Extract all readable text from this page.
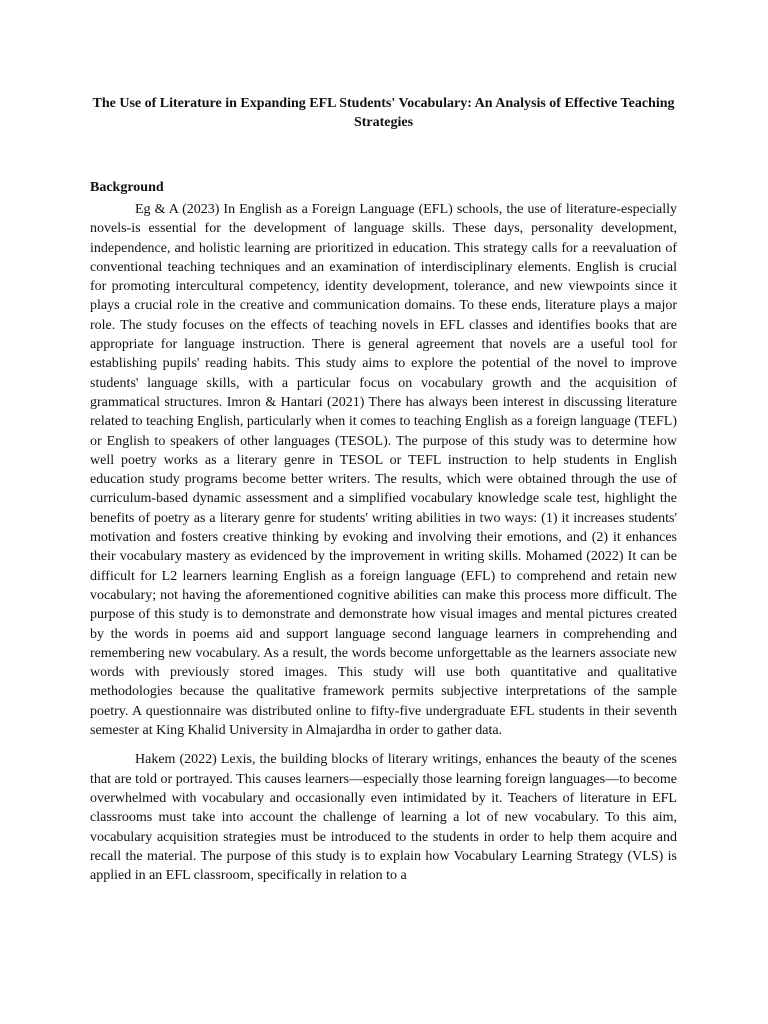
The Use of Literature in Expanding EFL Students' Vocabulary: An Analysis of Effective Teaching Strategies
Background

Eg & A (2023) In English as a Foreign Language (EFL) schools, the use of literature-especially novels-is essential for the development of language skills. These days, personality development, independence, and holistic learning are prioritized in education. This strategy calls for a reevaluation of conventional teaching techniques and an examination of interdisciplinary elements. English is crucial for promoting intercultural competency, identity development, tolerance, and new viewpoints since it plays a crucial role in the creative and communication domains. To these ends, literature plays a major role. The study focuses on the effects of teaching novels in EFL classes and identifies books that are appropriate for language instruction. There is general agreement that novels are a useful tool for establishing pupils' reading habits. This study aims to explore the potential of the novel to improve students' language skills, with a particular focus on vocabulary growth and the acquisition of grammatical structures. Imron & Hantari (2021) There has always been interest in discussing literature related to teaching English, particularly when it comes to teaching English as a foreign language (TEFL) or English to speakers of other languages (TESOL). The purpose of this study was to determine how well poetry works as a literary genre in TESOL or TEFL instruction to help students in English education study programs become better writers. The results, which were obtained through the use of curriculum-based dynamic assessment and a simplified vocabulary knowledge scale test, highlight the benefits of poetry as a literary genre for students' writing abilities in two ways: (1) it increases students' motivation and fosters creative thinking by evoking and involving their emotions, and (2) it enhances their vocabulary mastery as evidenced by the improvement in writing skills. Mohamed (2022) It can be difficult for L2 learners learning English as a foreign language (EFL) to comprehend and retain new vocabulary; not having the aforementioned cognitive abilities can make this process more difficult. The purpose of this study is to demonstrate and demonstrate how visual images and mental pictures created by the words in poems aid and support language second language learners in comprehending and remembering new vocabulary. As a result, the words become unforgettable as the learners associate new words with previously stored images. This study will use both quantitative and qualitative methodologies because the qualitative framework permits subjective interpretations of the sample poetry. A questionnaire was distributed online to fifty-five undergraduate EFL students in their seventh semester at King Khalid University in Almajardha in order to gather data.

Hakem (2022) Lexis, the building blocks of literary writings, enhances the beauty of the scenes that are told or portrayed. This causes learners—especially those learning foreign languages—to become overwhelmed with vocabulary and occasionally even intimidated by it. Teachers of literature in EFL classrooms must take into account the challenge of learning a lot of new vocabulary. To this aim, vocabulary acquisition strategies must be introduced to the students in order to help them acquire and recall the material. The purpose of this study is to explain how Vocabulary Learning Strategy (VLS) is applied in an EFL classroom, specifically in relation to a
